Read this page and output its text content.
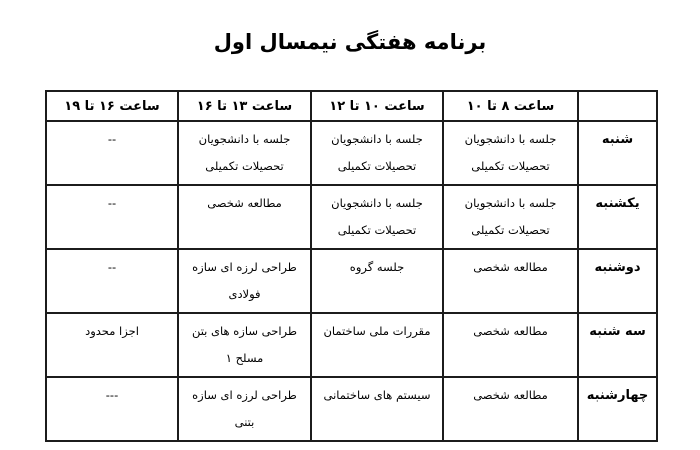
برنامه هفتگی نیمسال اول
	ساعت ۸ تا ۱۰	ساعت ۱۰ تا ۱۲	ساعت ۱۳ تا ۱۶	ساعت ۱۶ تا ۱۹
شنبه	جلسه با دانشجویان تحصیلات تکمیلی	جلسه با دانشجویان تحصیلات تکمیلی	جلسه با دانشجویان تحصیلات تکمیلی	--
یکشنبه	جلسه با دانشجویان تحصیلات تکمیلی	جلسه با دانشجویان تحصیلات تکمیلی	مطالعه شخصی	--
دوشنبه	مطالعه شخصی	جلسه گروه	طراحی لرزه ای سازه فولادی	--
سه شنبه	مطالعه شخصی	مقررات ملی ساختمان	طراحی سازه های بتن مسلح ۱	اجزا محدود
چهارشنبه	مطالعه شخصی	سیستم های ساختمانی	طراحی لرزه ای سازه بتنی	---
